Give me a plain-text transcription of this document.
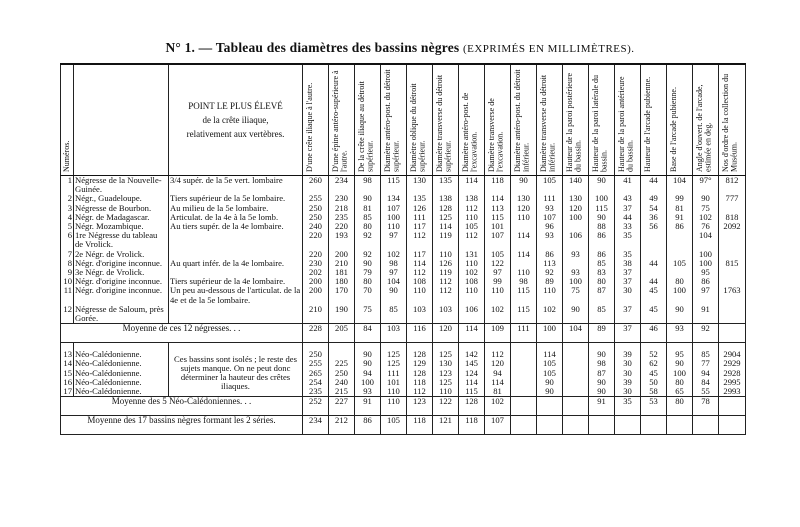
N° 1. — Tableau des diamètres des bassins nègres (EXPRIMÉS EN MILLIMÈTRES).
Numéros.		POINT LE PLUS ÉLEVÉ
de la crête iliaque,
relativement aux vertèbres.	D'une crête iliaque à l'autre.	D'une épine antéro-supérieure à l'autre.	De la crête iliaque au détroit supérieur.	Diamètre antéro-post. du détroit supérieur.	Diamètre oblique du détroit supérieur.	Diamètre transverse du détroit supérieur.	Diamètre antéro-post. de l'excavation.	Diamètre transverse de l'excavation.	Diamètre antéro-post. du détroit inférieur.	Diamètre transverse du détroit inférieur.	Hauteur de la paroi postérieure du bassin.	Hauteur de la paroi latérale du bassin.	Hauteur de la paroi antérieure du bassin.	Hauteur de l'arcade pubienne.	Base de l'arcade pubienne.	Angle d'ouvert. de l'arcade, estimée en deg.	Nos d'ordre de la collection du Muséum.

1	Négresse de la Nouvelle-Guinée.	3/4 supér. de la 5e vert. lombaire	260	234	98	115	130	135	114	118	90	105	140	90	41	44	104	97°	812
2	Négr., Guadeloupe.	Tiers supérieur de la 5e lombaire.	255	230	90	134	135	138	138	114	130	111	130	100	43	49	99	90	777
3	Négresse de Bourbon.	Au milieu de la 5e lombaire.	250	218	81	107	126	128	112	113	120	93	120	115	37	54	81	75	
4	Négr. de Madagascar.	Articulat. de la 4e à la 5e lomb.	250	235	85	100	111	125	110	115	110	107	100	90	44	36	91	102	818
5	Négr. Mozambique.	Au tiers supér. de la 4e lombaire.	240	220	80	110	117	114	105	101		96		88	33	56	86	76	2092
6	1re Négresse du tableau de Vrolick.		220	193	92	97	112	119	112	107	114	93	106	86	35			104	
7	2e Négr. de Vrolick.		220	200	92	102	117	110	131	105	114	86	93	86	35			100	
8	Négr. d'origine inconnue.	Au quart infér. de la 4e lombaire.	230	210	90	98	114	126	110	122		113		85	38	44	105	100	815
9	3e Négr. de Vrolick.		202	181	79	97	112	119	102	97	110	92	93	83	37			95	
10	Négr. d'origine inconnue.	Tiers supérieur de la 4e lombaire.	200	180	80	104	108	112	108	99	98	89	100	80	37	44	80	86	
11	Négr. d'origine inconnue.	Un peu au-dessous de l'articulat. de la 4e et de la 5e lombaire.	200	170	70	90	110	112	110	110	115	110	75	87	30	45	100	97	1763
12	Négresse de Saloum, près Gorée.		210	190	75	85	103	103	106	102	115	102	90	85	37	45	90	91	
Moyenne de ces 12 négresses. . .			228	205	84	103	116	120	114	109	111	100	104	89	37	46	93	92	

13	Néo-Calédonienne.	Ces bassins sont isolés ; le reste des sujets manque. On ne peut donc déterminer la hauteur des crêtes iliaques.	250		90	125	128	125	142	112		114		90	39	52	95	85	2904
14	Néo-Calédonienne.		255	225	90	125	129	130	145	120		105		98	30	62	90	77	2929
15	Néo-Calédonienne.		265	250	94	111	128	123	124	94		105		87	30	45	100	94	2928
16	Néo-Calédonienne.		254	240	100	101	118	125	114	114		90		90	39	50	80	84	2995
17	Néo-Calédonienne.		235	215	93	110	112	110	115	81		90		90	30	58	65	55	2993
Moyenne des 5 Néo-Calédoniennes. . .			252	227	91	110	123	122	128	102				91	35	53	80	78	
Moyenne des 17 bassins nègres formant les 2 séries.			234	212	86	105	118	121	118	107									
